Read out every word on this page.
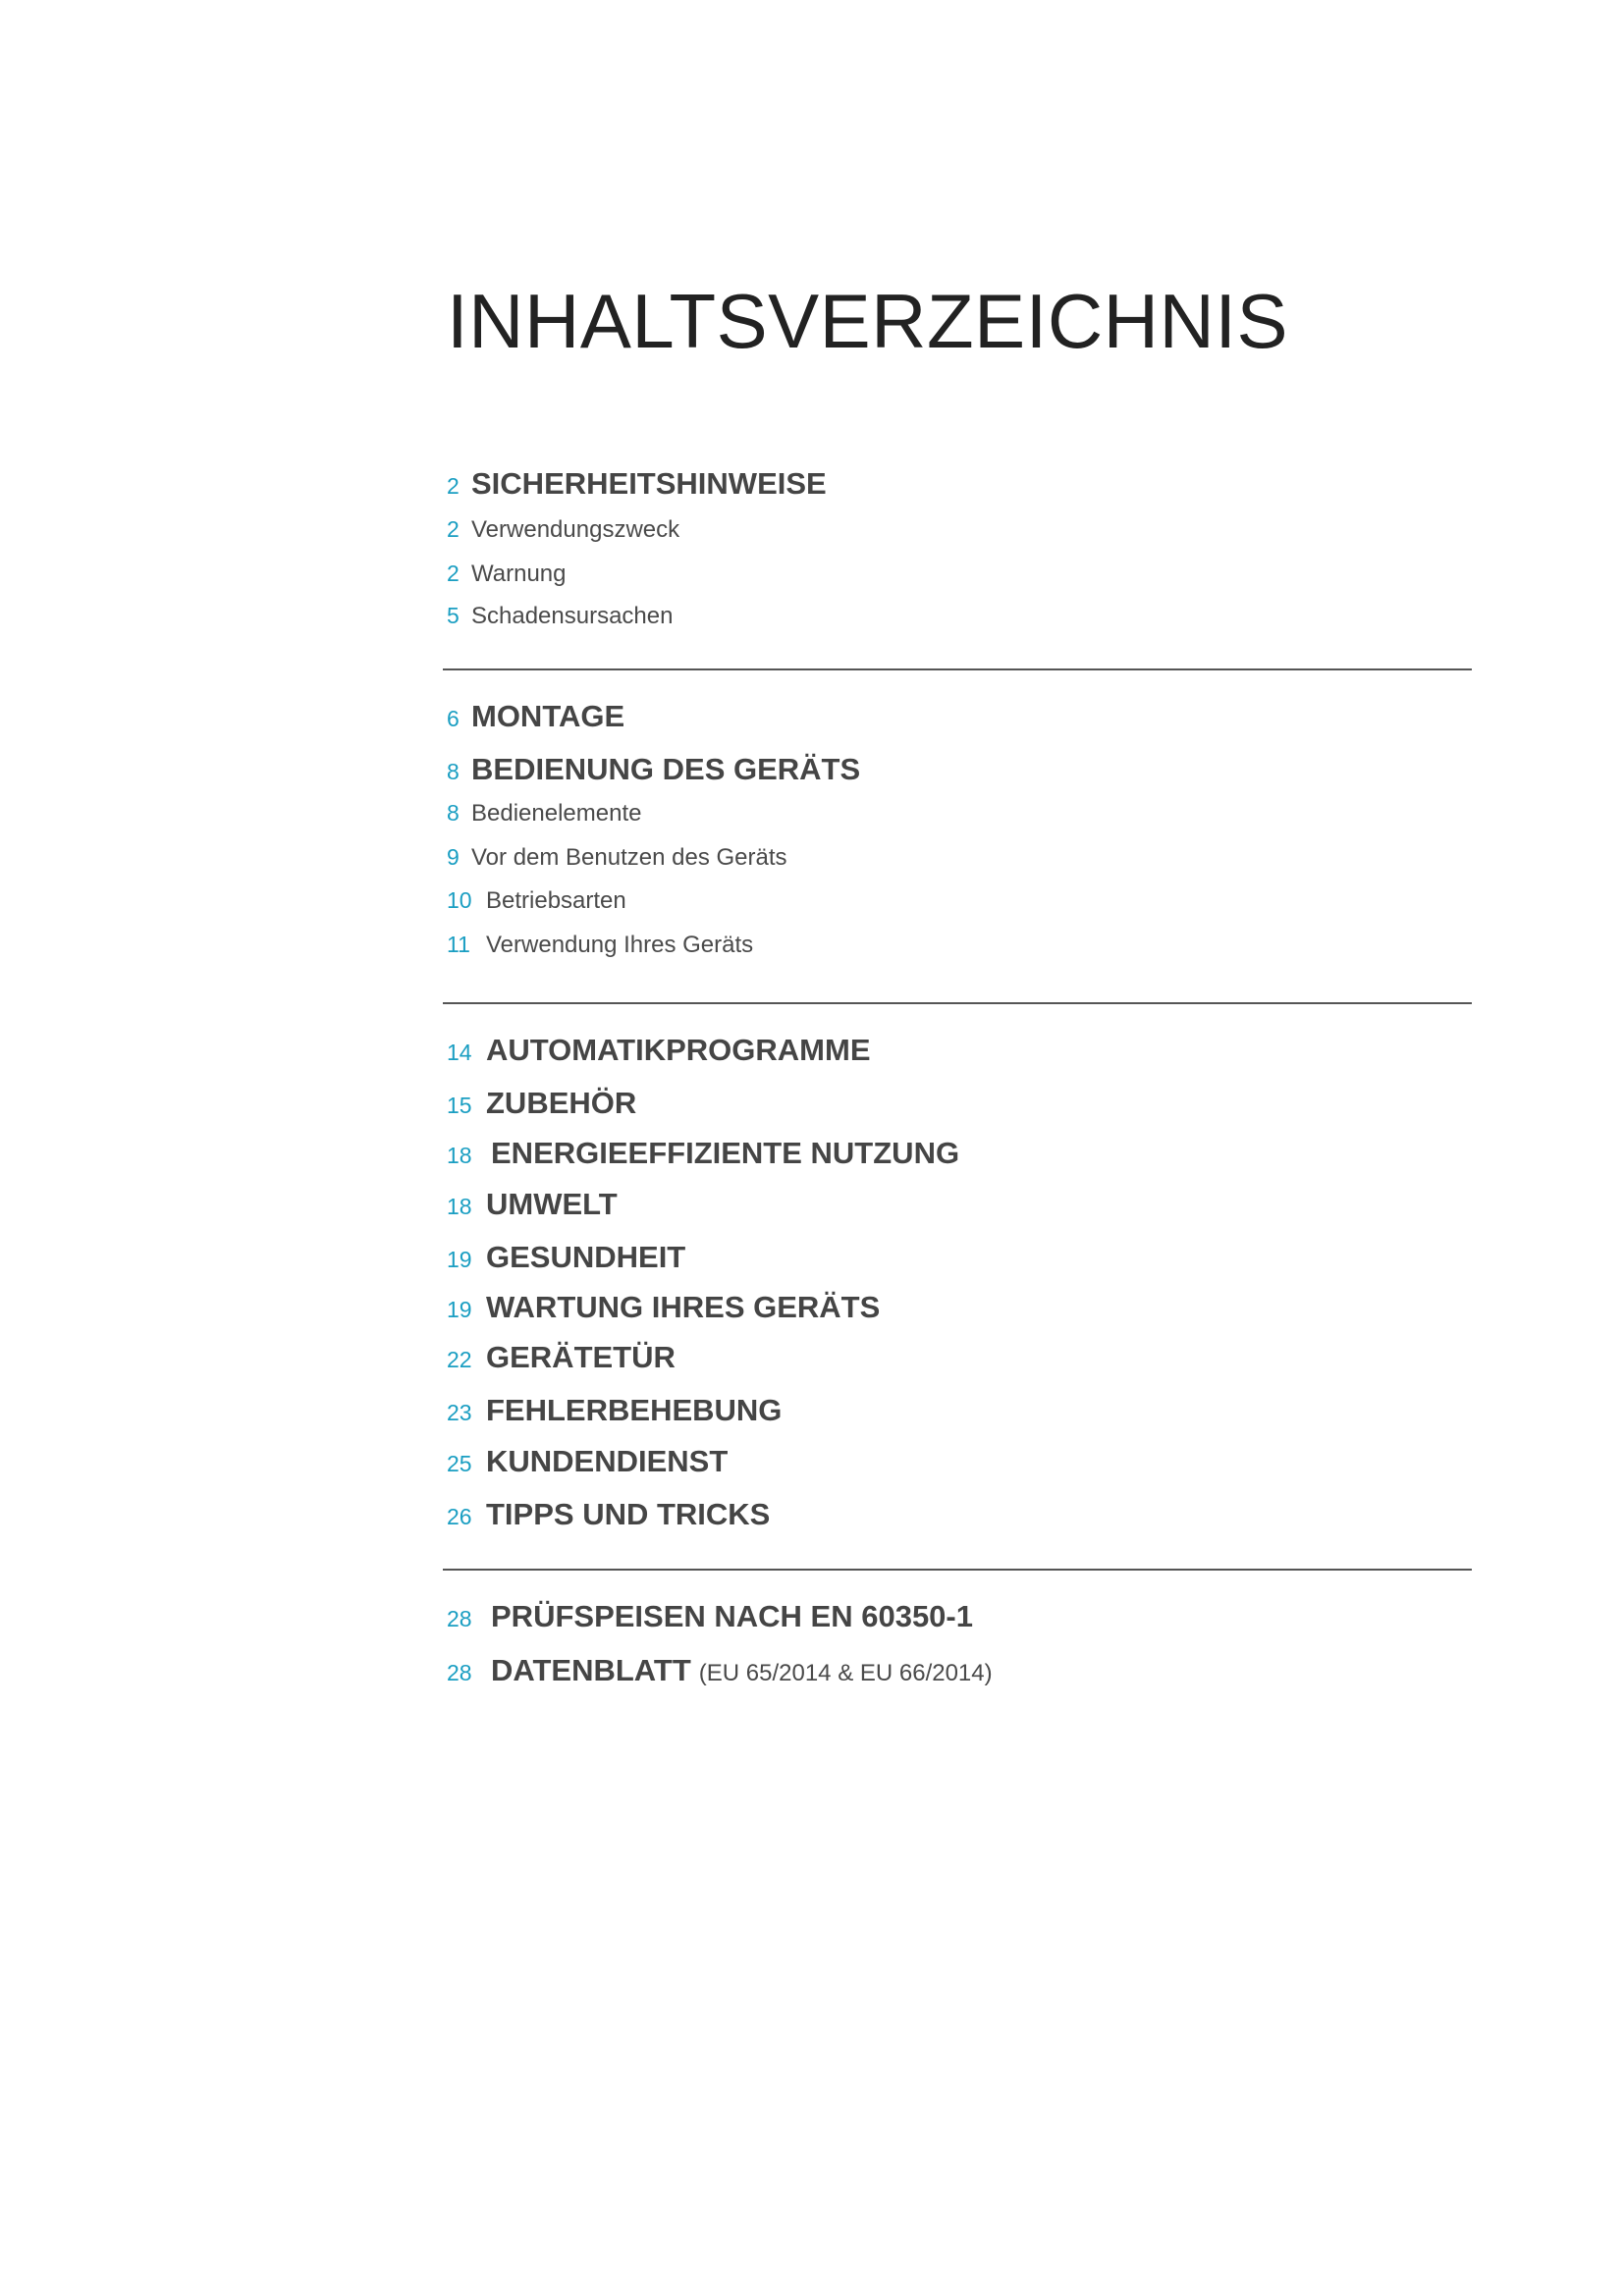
INHALTSVERZEICHNIS
2 SICHERHEITSHINWEISE
2 Verwendungszweck
2 Warnung
5 Schadensursachen
6 MONTAGE
8 BEDIENUNG DES GERÄTS
8 Bedienelemente
9 Vor dem Benutzen des Geräts
10 Betriebsarten
11 Verwendung Ihres Geräts
14 AUTOMATIKPROGRAMME
15 ZUBEHÖR
18 ENERGIEEFFIZIENTE NUTZUNG
18 UMWELT
19 GESUNDHEIT
19 WARTUNG IHRES GERÄTS
22 GERÄTETÜR
23 FEHLERBEHEBUNG
25 KUNDENDIENST
26 TIPPS UND TRICKS
28 PRÜFSPEISEN NACH EN 60350-1
28 DATENBLATT (EU 65/2014 & EU 66/2014)
